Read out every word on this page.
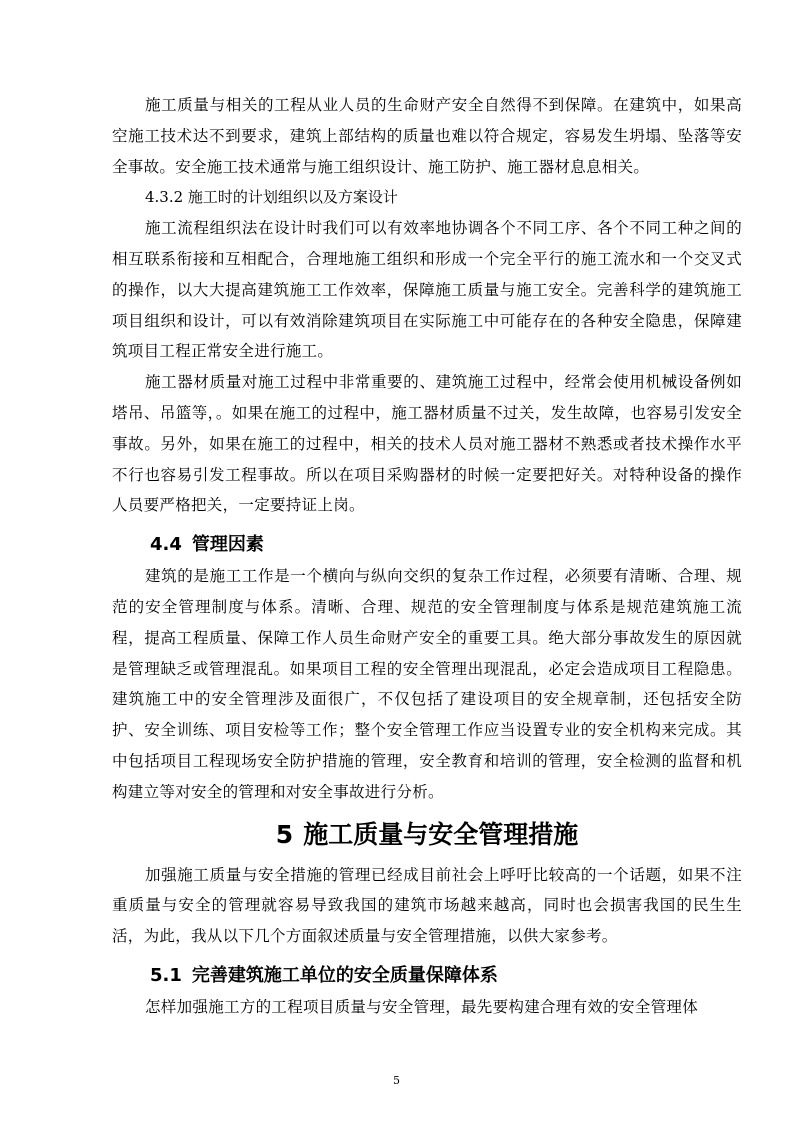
施工质量与相关的工程从业人员的生命财产安全自然得不到保障。在建筑中，如果高空施工技术达不到要求，建筑上部结构的质量也难以符合规定，容易发生坍塌、坠落等安全事故。安全施工技术通常与施工组织设计、施工防护、施工器材息息相关。

4.3.2 施工时的计划组织以及方案设计

施工流程组织法在设计时我们可以有效率地协调各个不同工序、各个不同工种之间的相互联系衔接和互相配合，合理地施工组织和形成一个完全平行的施工流水和一个交叉式的操作，以大大提高建筑施工工作效率，保障施工质量与施工安全。完善科学的建筑施工项目组织和设计，可以有效消除建筑项目在实际施工中可能存在的各种安全隐患，保障建筑项目工程正常安全进行施工。

施工器材质量对施工过程中非常重要的、建筑施工过程中，经常会使用机械设备例如塔吊、吊篮等，。如果在施工的过程中，施工器材质量不过关，发生故障，也容易引发安全事故。另外，如果在施工的过程中，相关的技术人员对施工器材不熟悉或者技术操作水平不行也容易引发工程事故。所以在项目采购器材的时候一定要把好关。对特种设备的操作人员要严格把关，一定要持证上岗。

4.4 管理因素

建筑的是施工工作是一个横向与纵向交织的复杂工作过程，必须要有清晰、合理、规范的安全管理制度与体系。清晰、合理、规范的安全管理制度与体系是规范建筑施工流程，提高工程质量、保障工作人员生命财产安全的重要工具。绝大部分事故发生的原因就是管理缺乏或管理混乱。如果项目工程的安全管理出现混乱，必定会造成项目工程隐患。建筑施工中的安全管理涉及面很广，不仅包括了建设项目的安全规章制，还包括安全防护、安全训练、项目安检等工作；整个安全管理工作应当设置专业的安全机构来完成。其中包括项目工程现场安全防护措施的管理，安全教育和培训的管理，安全检测的监督和机构建立等对安全的管理和对安全事故进行分析。

5 施工质量与安全管理措施

加强施工质量与安全措施的管理已经成目前社会上呼吁比较高的一个话题，如果不注重质量与安全的管理就容易导致我国的建筑市场越来越高，同时也会损害我国的民生生活，为此，我从以下几个方面叙述质量与安全管理措施，以供大家参考。

5.1 完善建筑施工单位的安全质量保障体系

怎样加强施工方的工程项目质量与安全管理，最先要构建合理有效的安全管理体

5
